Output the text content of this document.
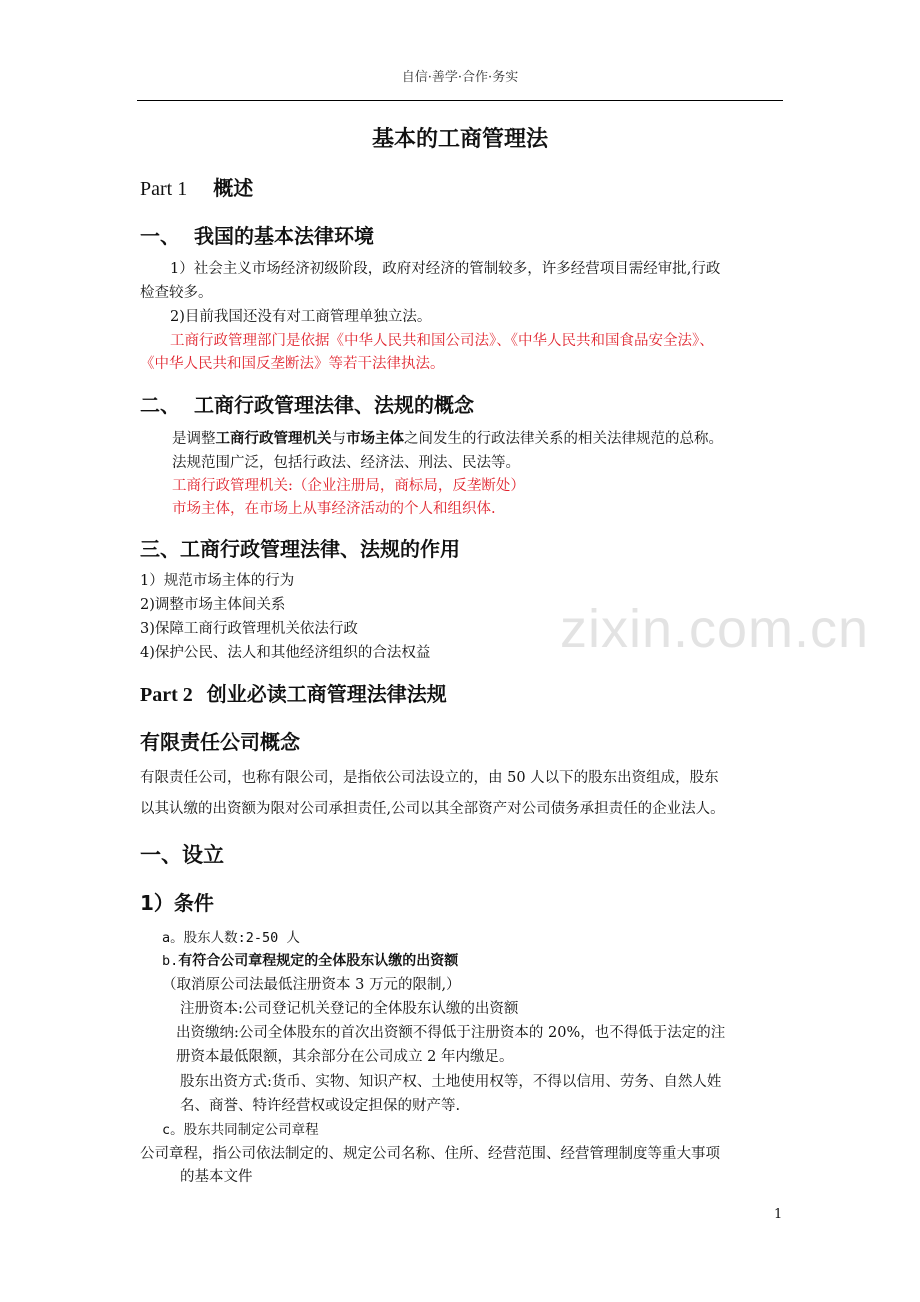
自信·善学·合作·务实
zixin.com.cn
基本的工商管理法
Part 1 概述
一、 我国的基本法律环境
1）社会主义市场经济初级阶段，政府对经济的管制较多，许多经营项目需经审批,行政
检查较多。
2)目前我国还没有对工商管理单独立法。
工商行政管理部门是依据《中华人民共和国公司法》、《中华人民共和国食品安全法》、
《中华人民共和国反垄断法》等若干法律执法。
二、 工商行政管理法律、法规的概念
是调整工商行政管理机关与市场主体之间发生的行政法律关系的相关法律规范的总称。
法规范围广泛，包括行政法、经济法、刑法、民法等。
工商行政管理机关:（企业注册局，商标局，反垄断处）
市场主体，在市场上从事经济活动的个人和组织体.
三、工商行政管理法律、法规的作用
1）规范市场主体的行为
2)调整市场主体间关系
3)保障工商行政管理机关依法行政
4)保护公民、法人和其他经济组织的合法权益
Part 2 创业必读工商管理法律法规
有限责任公司概念
有限责任公司，也称有限公司，是指依公司法设立的，由 50 人以下的股东出资组成，股东
以其认缴的出资额为限对公司承担责任,公司以其全部资产对公司债务承担责任的企业法人。
一、设立
1）条件
a。股东人数:2-50 人
b.有符合公司章程规定的全体股东认缴的出资额
（取消原公司法最低注册资本 3 万元的限制,）
注册资本:公司登记机关登记的全体股东认缴的出资额
出资缴纳:公司全体股东的首次出资额不得低于注册资本的 20%，也不得低于法定的注
册资本最低限额，其余部分在公司成立 2 年内缴足。
股东出资方式:货币、实物、知识产权、土地使用权等，不得以信用、劳务、自然人姓
名、商誉、特许经营权或设定担保的财产等.
c。股东共同制定公司章程
公司章程，指公司依法制定的、规定公司名称、住所、经营范围、经营管理制度等重大事项
的基本文件
1
